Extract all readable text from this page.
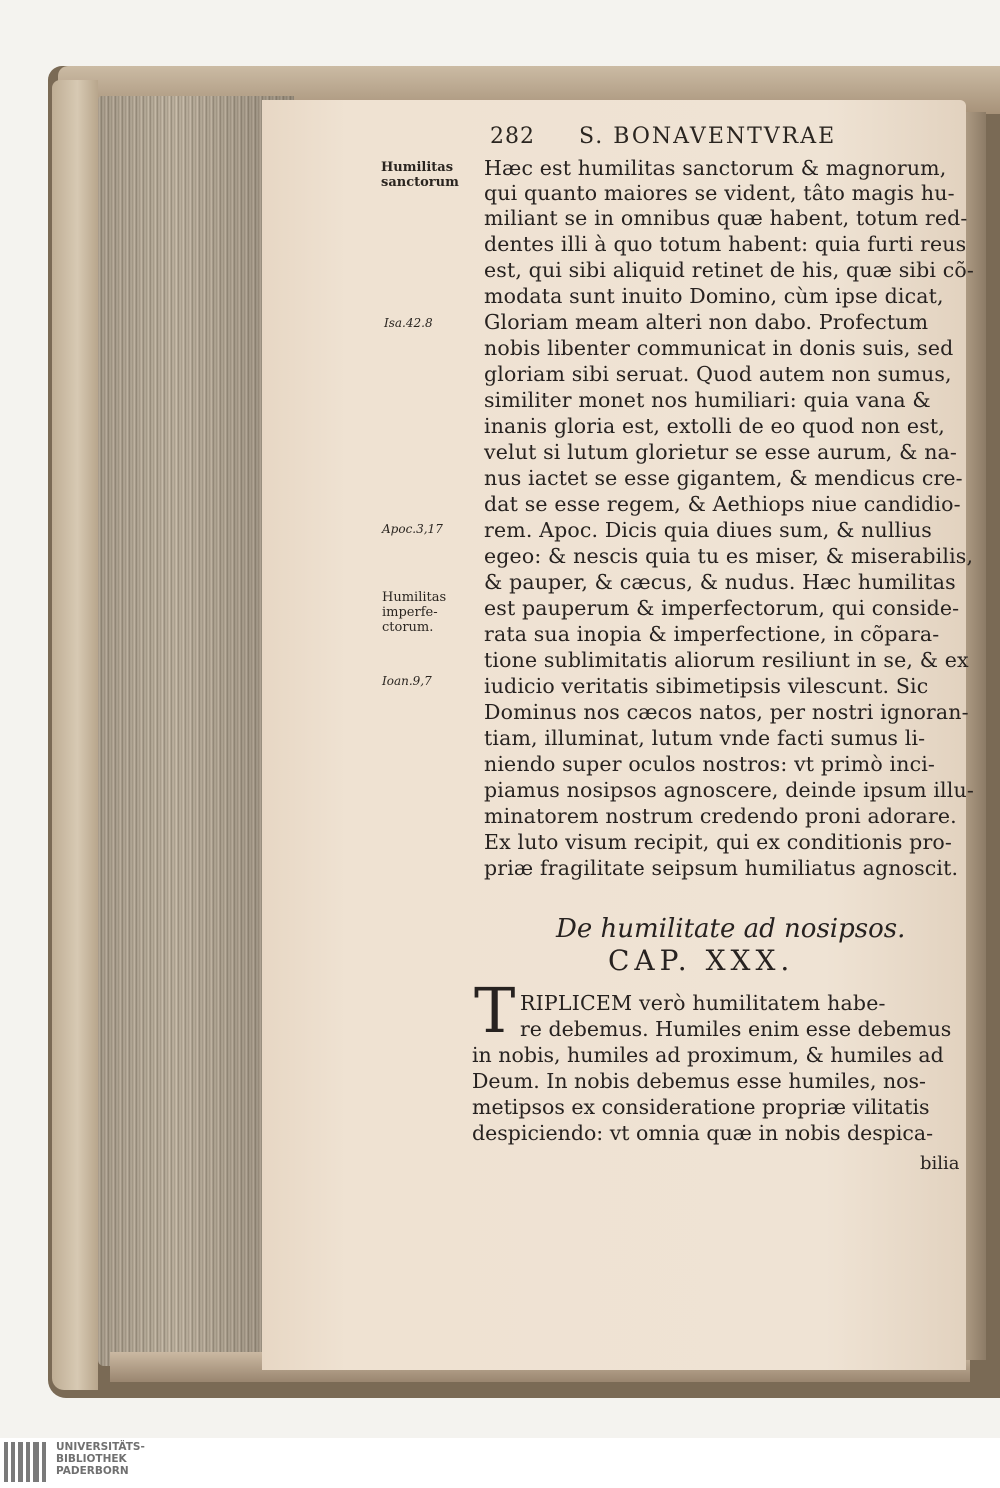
282 S. BONAVENTVRAE
Humilitas
sanctorum
Isa.42.8
Apoc.3,17
Humilitas
imperfe-
ctorum.
Ioan.9,7
Hæc est humilitas sanctorum & magnorum,
qui quanto maiores se vident, tâto magis hu-
miliant se in omnibus quæ habent, totum red-
dentes illi à quo totum habent: quia furti reus
est, qui sibi aliquid retinet de his, quæ sibi cõ-
modata sunt inuito Domino, cùm ipse dicat,
Gloriam meam alteri non dabo. Profectum
nobis libenter communicat in donis suis, sed
gloriam sibi seruat. Quod autem non sumus,
similiter monet nos humiliari: quia vana &
inanis gloria est, extolli de eo quod non est,
velut si lutum glorietur se esse aurum, & na-
nus iactet se esse gigantem, & mendicus cre-
dat se esse regem, & Aethiops niue candidio-
rem. Apoc. Dicis quia diues sum, & nullius
egeo: & nescis quia tu es miser, & miserabilis,
& pauper, & cæcus, & nudus. Hæc humilitas
est pauperum & imperfectorum, qui conside-
rata sua inopia & imperfectione, in cõpara-
tione sublimitatis aliorum resiliunt in se, & ex
iudicio veritatis sibimetipsis vilescunt. Sic
Dominus nos cæcos natos, per nostri ignoran-
tiam, illuminat, lutum vnde facti sumus li-
niendo super oculos nostros: vt primò inci-
piamus nosipsos agnoscere, deinde ipsum illu-
minatorem nostrum credendo proni adorare.
Ex luto visum recipit, qui ex conditionis pro-
priæ fragilitate seipsum humiliatus agnoscit.
De humilitate ad nosipsos.
CAP. XXX.
T RIPLICEM verò humilitatem habe-
re debemus. Humiles enim esse debemus
in nobis, humiles ad proximum, & humiles ad
Deum. In nobis debemus esse humiles, nos-
metipsos ex consideratione propriæ vilitatis
despiciendo: vt omnia quæ in nobis despica-
bilia
UNIVERSITÄTS-
BIBLIOTHEK
PADERBORN
